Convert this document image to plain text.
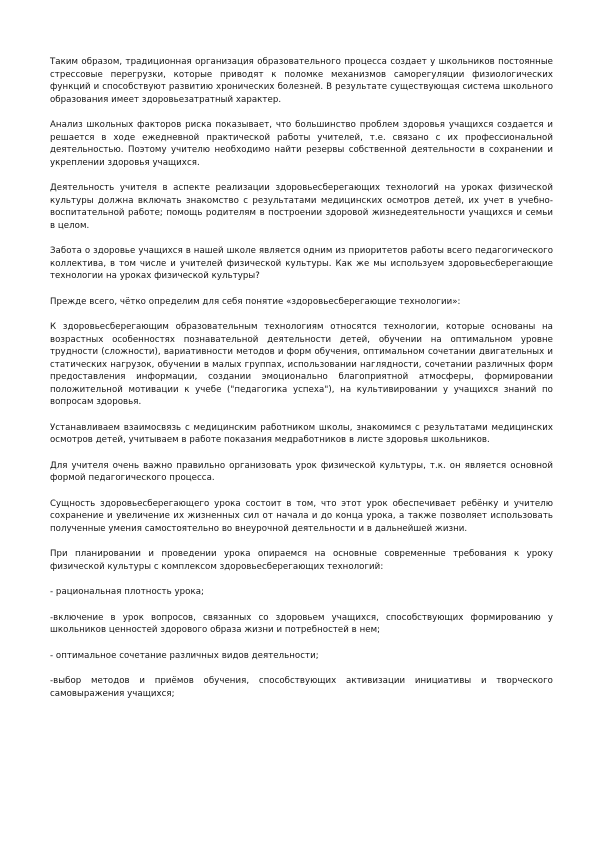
Таким образом, традиционная организация образовательного процесса создает у школьников постоянные стрессовые перегрузки, которые приводят к поломке механизмов саморегуляции физиологических функций и способствуют развитию хронических болезней. В результате существующая система школьного образования имеет здоровьезатратный характер.

Анализ школьных факторов риска показывает, что большинство проблем здоровья учащихся создается и решается в ходе ежедневной практической работы учителей, т.е. связано с их профессиональной деятельностью. Поэтому учителю необходимо найти резервы собственной деятельности в сохранении и укреплении здоровья учащихся.

Деятельность учителя в аспекте реализации здоровьесберегающих технологий на уроках физической культуры должна включать знакомство с результатами медицинских осмотров детей, их учет в учебно-воспитательной работе; помощь родителям в построении здоровой жизнедеятельности учащихся и семьи в целом.

Забота о здоровье учащихся в нашей школе является одним из приоритетов работы всего педагогического коллектива, в том числе и учителей физической культуры. Как же мы используем здоровьесберегающие технологии на уроках физической культуры?

Прежде всего, чётко определим для себя понятие «здоровьесберегающие технологии»:

К здоровьесберегающим образовательным технологиям относятся технологии, которые основаны на возрастных особенностях познавательной деятельности детей, обучении на оптимальном уровне трудности (сложности), вариативности методов и форм обучения, оптимальном сочетании двигательных и статических нагрузок, обучении в малых группах, использовании наглядности, сочетании различных форм предоставления информации, создании эмоционально благоприятной атмосферы, формировании положительной мотивации к учебе ("педагогика успеха"), на культивировании у учащихся знаний по вопросам здоровья.

Устанавливаем взаимосвязь с медицинским работником школы, знакомимся с результатами медицинских осмотров детей, учитываем в работе показания медработников в листе здоровья школьников.

Для учителя очень важно правильно организовать урок физической культуры, т.к. он является основной формой педагогического процесса.

Сущность здоровьесберегающего урока состоит в том, что этот урок обеспечивает ребёнку и учителю сохранение и увеличение их жизненных сил от начала и до конца урока, а также позволяет использовать полученные умения самостоятельно во внеурочной деятельности и в дальнейшей жизни.

При планировании и проведении урока опираемся на основные современные требования к уроку физической культуры с комплексом здоровьесберегающих технологий:

- рациональная плотность урока;

-включение в урок вопросов, связанных со здоровьем учащихся, способствующих формированию у школьников ценностей здорового образа жизни и потребностей в нем;

- оптимальное сочетание различных видов деятельности;

-выбор методов и приёмов обучения, способствующих активизации инициативы и творческого самовыражения учащихся;
